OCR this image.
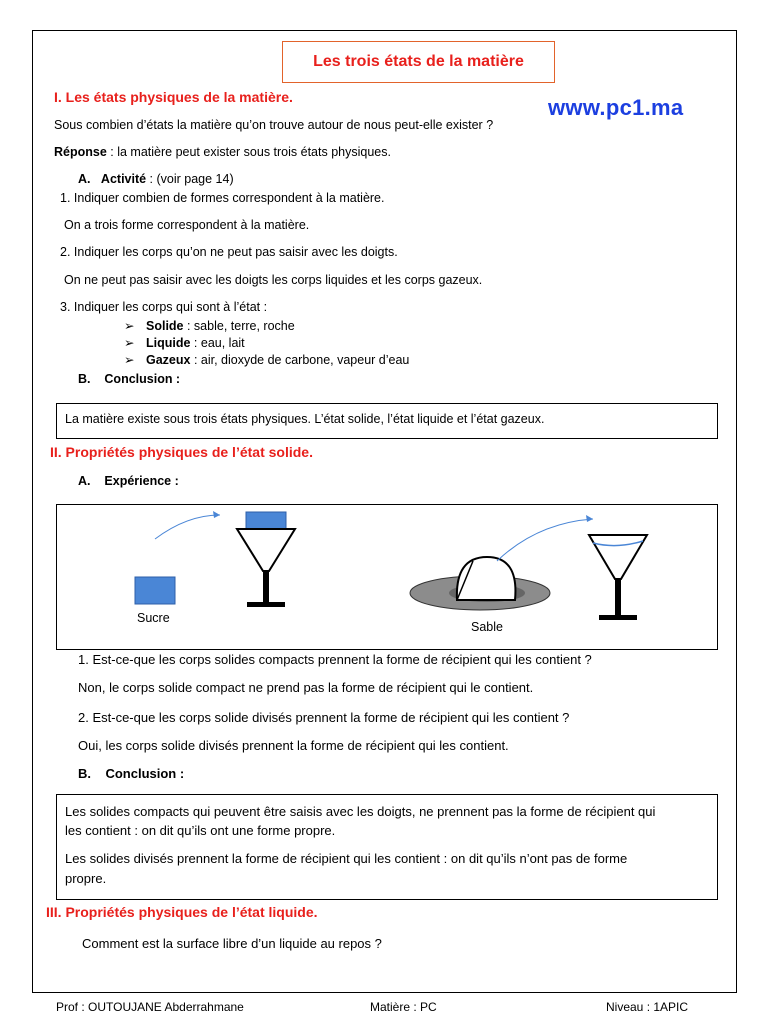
Les trois états de la matière
www.pc1.ma
I. Les états physiques de la matière.
Sous combien d’états la matière qu’on trouve autour de nous peut-elle exister ?
Réponse : la matière peut exister sous trois états physiques.
A. Activité : (voir page 14)
1. Indiquer combien de formes correspondent à la matière.
On a trois forme correspondent à la matière.
2. Indiquer les corps qu’on ne peut pas saisir avec les doigts.
On ne peut pas saisir avec les doigts les corps liquides et les corps gazeux.
3. Indiquer les corps qui sont à l’état :
➢ Solide : sable, terre, roche
➢ Liquide : eau, lait
➢ Gazeux : air, dioxyde de carbone, vapeur d’eau
B. Conclusion :
La matière existe sous trois états physiques. L’état solide, l’état liquide et l’état gazeux.
II. Propriétés physiques de l’état solide.
A. Expérience :
Sucre
Sable
1. Est-ce-que les corps solides compacts prennent la forme de récipient qui les contient ?
Non, le corps solide compact ne prend pas la forme de récipient qui le contient.
2. Est-ce-que les corps solide divisés prennent la forme de récipient qui les contient ?
Oui, les corps solide divisés prennent la forme de récipient qui les contient.
B. Conclusion :
Les solides compacts qui peuvent être saisis avec les doigts, ne prennent pas la forme de récipient qui
les contient : on dit qu’ils ont une forme propre.
Les solides divisés prennent la forme de récipient qui les contient : on dit qu’ils n’ont pas de forme
propre.
III. Propriétés physiques de l’état liquide.
Comment est la surface libre d’un liquide au repos ?
Prof : OUTOUJANE Abderrahmane	Matière : PC	Niveau : 1APIC
